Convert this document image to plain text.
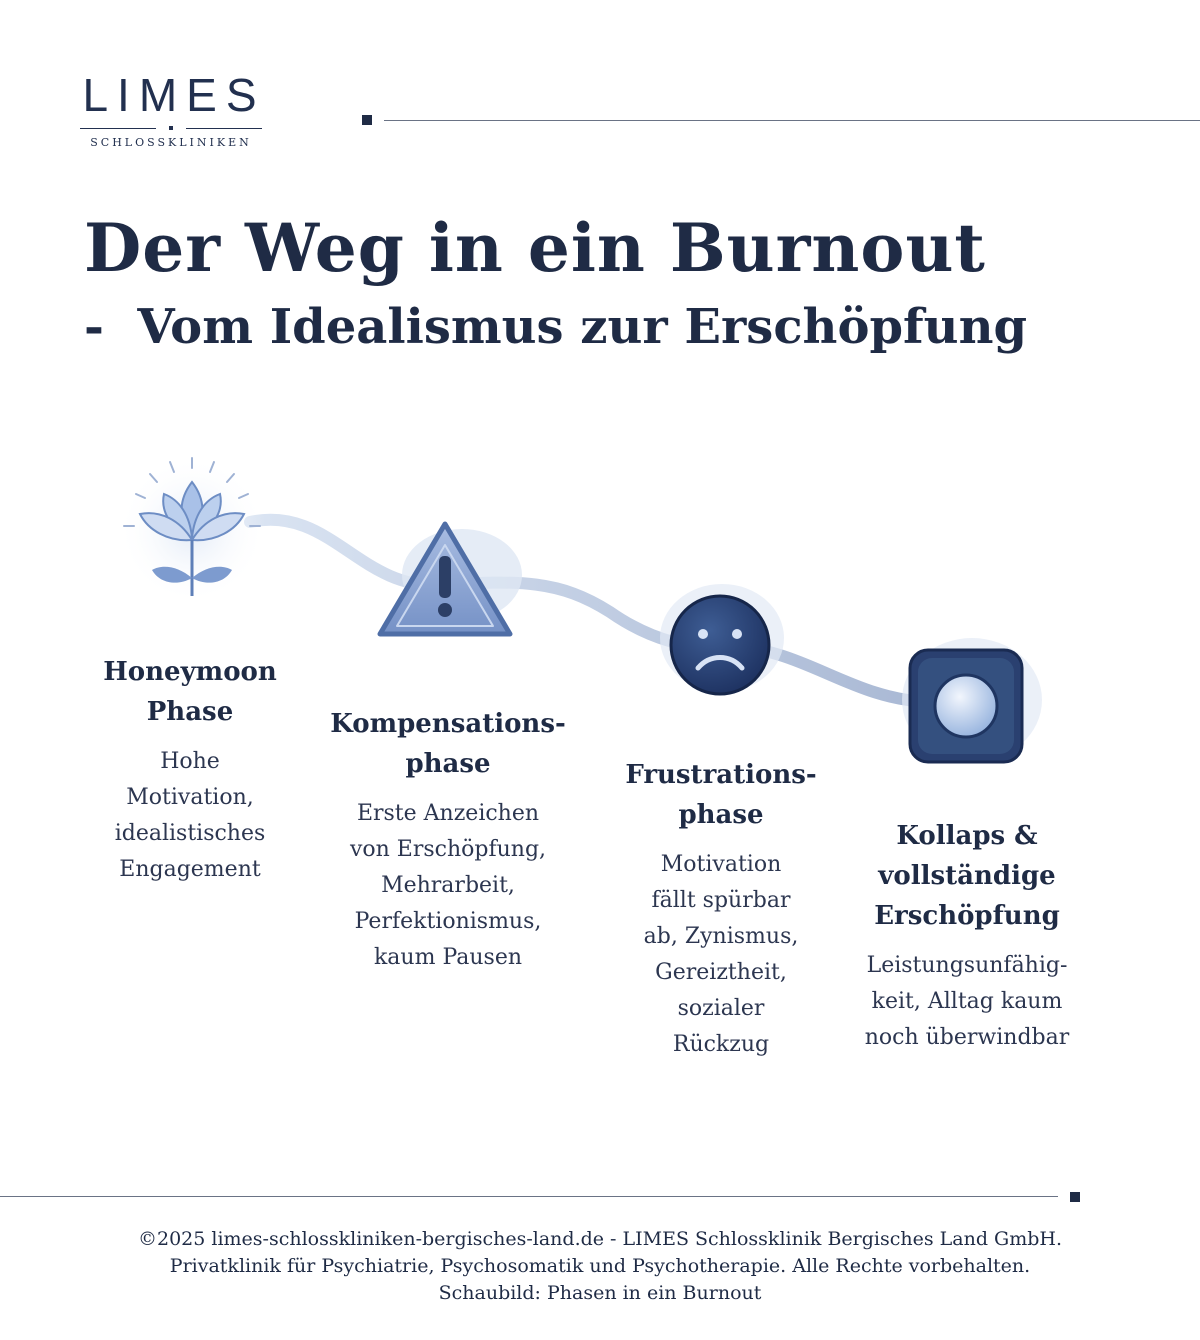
LIMES
SCHLOSSKLINIKEN
Der Weg in ein Burnout
-  Vom Idealismus zur Erschöpfung
Honeymoon
Phase
Hohe
Motivation,
idealistisches
Engagement
Kompensations-
phase
Erste Anzeichen
von Erschöpfung,
Mehrarbeit,
Perfektionismus,
kaum Pausen
Frustrations-
phase
Motivation
fällt spürbar
ab, Zynismus,
Gereiztheit,
sozialer
Rückzug
Kollaps &
vollständige
Erschöpfung
Leistungsunfähig-
keit, Alltag kaum
noch überwindbar
©2025 limes-schlosskliniken-bergisches-land.de - LIMES Schlossklinik Bergisches Land GmbH.
Privatklinik für Psychiatrie, Psychosomatik und Psychotherapie. Alle Rechte vorbehalten.
Schaubild: Phasen in ein Burnout
